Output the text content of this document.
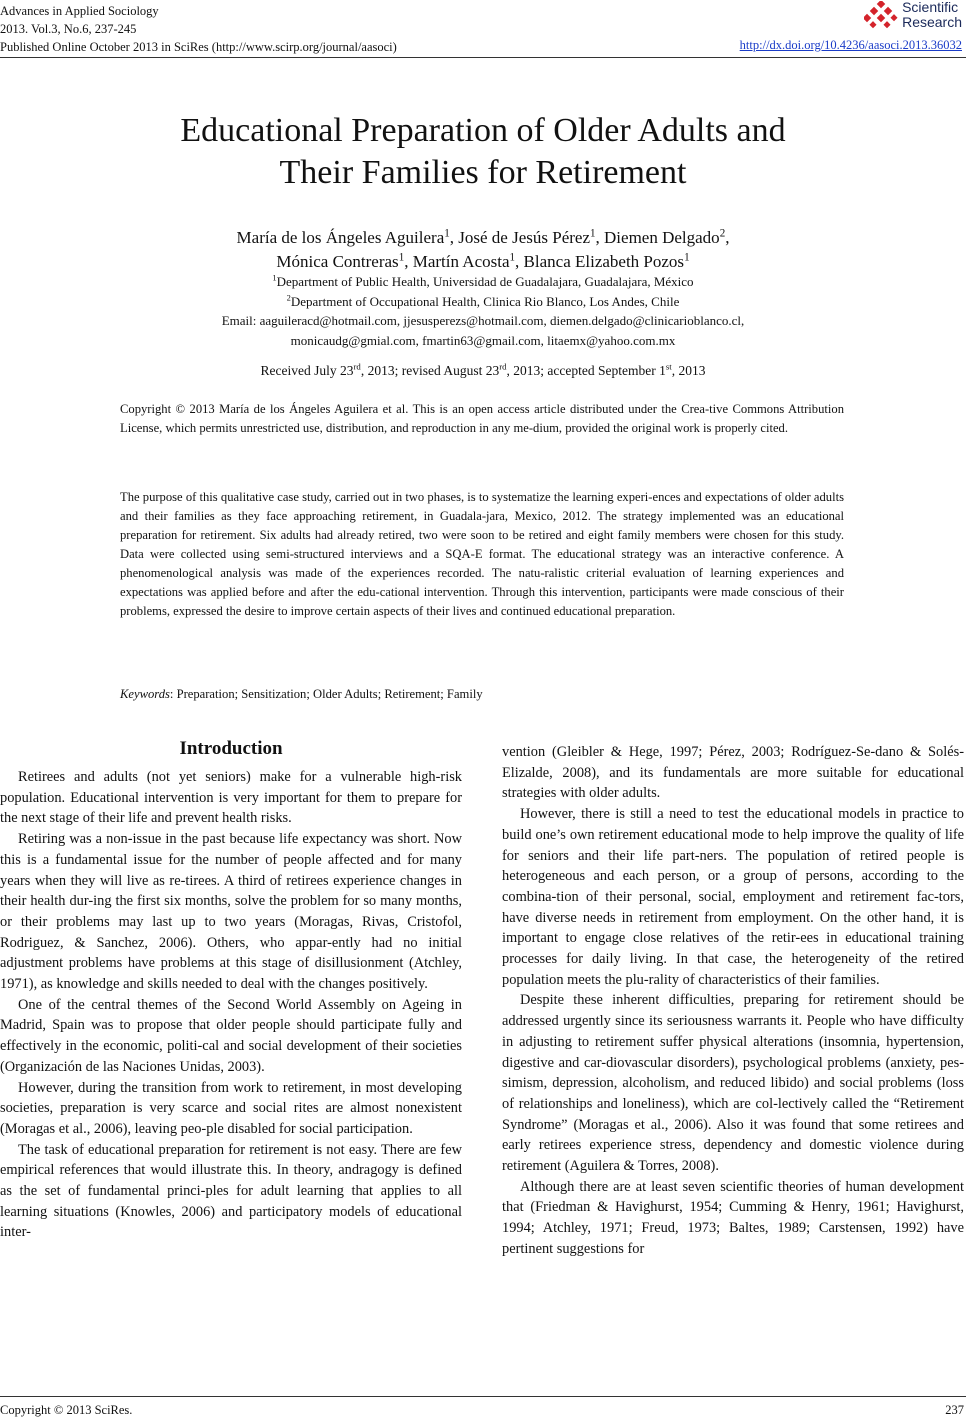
Advances in Applied Sociology
2013. Vol.3, No.6, 237-245
Published Online October 2013 in SciRes (http://www.scirp.org/journal/aasoci)
Scientific
Research
http://dx.doi.org/10.4236/aasoci.2013.36032
Educational Preparation of Older Adults and
Their Families for Retirement
María de los Ángeles Aguilera$^1$, José de Jesús Pérez$^1$, Diemen Delgado$^2$,
Mónica Contreras$^1$, Martín Acosta$^1$, Blanca Elizabeth Pozos$^1$
$^1$Department of Public Health, Universidad de Guadalajara, Guadalajara, México
$^2$Department of Occupational Health, Clinica Rio Blanco, Los Andes, Chile
Email: aaguileracd@hotmail.com, jjesusperezs@hotmail.com, diemen.delgado@clinicarioblanco.cl,
monicaudg@gmial.com, fmartin63@gmail.com, litaemx@yahoo.com.mx
Received July 23rd, 2013; revised August 23rd, 2013; accepted September 1st, 2013
Copyright © 2013 María de los Ángeles Aguilera et al. This is an open access article distributed under the Crea-tive Commons Attribution License, which permits unrestricted use, distribution, and reproduction in any me-dium, provided the original work is properly cited.
The purpose of this qualitative case study, carried out in two phases, is to systematize the learning experi-ences and expectations of older adults and their families as they face approaching retirement, in Guadala-jara, Mexico, 2012. The strategy implemented was an educational preparation for retirement. Six adults had already retired, two were soon to be retired and eight family members were chosen for this study. Data were collected using semi-structured interviews and a SQA-E format. The educational strategy was an interactive conference. A phenomenological analysis was made of the experiences recorded. The natu-ralistic criterial evaluation of learning experiences and expectations was applied before and after the edu-cational intervention. Through this intervention, participants were made conscious of their problems, expressed the desire to improve certain aspects of their lives and continued educational preparation.
Keywords: Preparation; Sensitization; Older Adults; Retirement; Family
Introduction

Retirees and adults (not yet seniors) make for a vulnerable high-risk population. Educational intervention is very important for them to prepare for the next stage of their life and prevent health risks.

Retiring was a non-issue in the past because life expectancy was short. Now this is a fundamental issue for the number of people affected and for many years when they will live as re-tirees. A third of retirees experience changes in their health dur-ing the first six months, solve the problem for so many months, or their problems may last up to two years (Moragas, Rivas, Cristofol, Rodriguez, & Sanchez, 2006). Others, who appar-ently had no initial adjustment problems have problems at this stage of disillusionment (Atchley, 1971), as knowledge and skills needed to deal with the changes positively.

One of the central themes of the Second World Assembly on Ageing in Madrid, Spain was to propose that older people should participate fully and effectively in the economic, politi-cal and social development of their societies (Organización de las Naciones Unidas, 2003).

However, during the transition from work to retirement, in most developing societies, preparation is very scarce and social rites are almost nonexistent (Moragas et al., 2006), leaving peo-ple disabled for social participation.

The task of educational preparation for retirement is not easy. There are few empirical references that would illustrate this. In theory, andragogy is defined as the set of fundamental princi-ples for adult learning that applies to all learning situations (Knowles, 2006) and participatory models of educational inter-

vention (Gleibler & Hege, 1997; Pérez, 2003; Rodríguez-Se-dano & Solés-Elizalde, 2008), and its fundamentals are more suitable for educational strategies with older adults.

However, there is still a need to test the educational models in practice to build one’s own retirement educational mode to help improve the quality of life for seniors and their life part-ners. The population of retired people is heterogeneous and each person, or a group of persons, according to the combina-tion of their personal, social, employment and retirement fac-tors, have diverse needs in retirement from employment. On the other hand, it is important to engage close relatives of the retir-ees in educational training processes for daily living. In that case, the heterogeneity of the retired population meets the plu-rality of characteristics of their families.

Despite these inherent difficulties, preparing for retirement should be addressed urgently since its seriousness warrants it. People who have difficulty in adjusting to retirement suffer physical alterations (insomnia, hypertension, digestive and car-diovascular disorders), psychological problems (anxiety, pes-simism, depression, alcoholism, and reduced libido) and social problems (loss of relationships and loneliness), which are col-lectively called the “Retirement Syndrome” (Moragas et al., 2006). Also it was found that some retirees and early retirees experience stress, dependency and domestic violence during retirement (Aguilera & Torres, 2008).

Although there are at least seven scientific theories of human development that (Friedman & Havighurst, 1954; Cumming & Henry, 1961; Havighurst, 1994; Atchley, 1971; Freud, 1973; Baltes, 1989; Carstensen, 1992) have pertinent suggestions for

Copyright © 2013 SciRes.	237
